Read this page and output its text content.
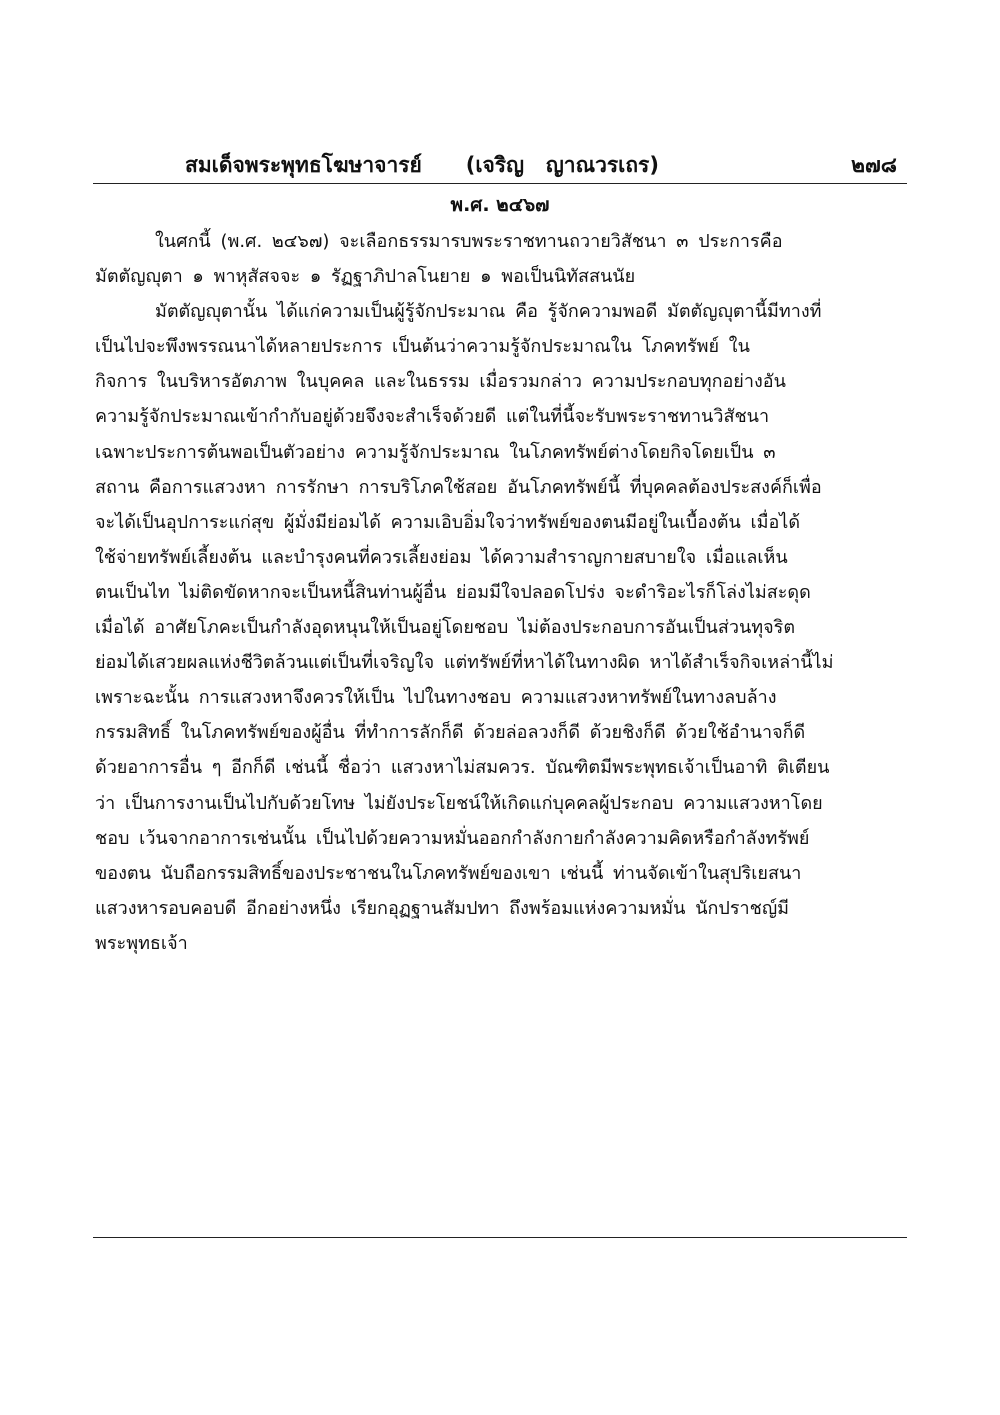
สมเด็จพระพุทธโฆษาจารย์      (เจริญ   ญาณวรเถร)	๒๗๘
พ.ศ. ๒๔๖๗
ในศกนี้ (พ.ศ. ๒๔๖๗) จะเลือกธรรมารบพระราชทานถวายวิสัชนา ๓ ประการคือ
มัตตัญญุตา ๑ พาหุสัสจจะ ๑ รัฏฐาภิปาลโนยาย ๑ พอเป็นนิทัสสนนัย
มัตตัญญุตานั้น ได้แก่ความเป็นผู้รู้จักประมาณ คือ รู้จักความพอดี มัตตัญญุตานี้มีทางที่
เป็นไปจะพึงพรรณนาได้หลายประการ เป็นต้นว่าความรู้จักประมาณใน โภคทรัพย์ ใน
กิจการ ในบริหารอัตภาพ ในบุคคล และในธรรม เมื่อรวมกล่าว ความประกอบทุกอย่างอัน
ความรู้จักประมาณเข้ากำกับอยู่ด้วยจึงจะสำเร็จด้วยดี แต่ในที่นี้จะรับพระราชทานวิสัชนา
เฉพาะประการต้นพอเป็นตัวอย่าง ความรู้จักประมาณ ในโภคทรัพย์ต่างโดยกิจโดยเป็น ๓
สถาน คือการแสวงหา การรักษา การบริโภคใช้สอย อันโภคทรัพย์นี้ ที่บุคคลต้องประสงค์ก็เพื่อ
จะได้เป็นอุปการะแก่สุข ผู้มั่งมีย่อมได้ ความเอิบอิ่มใจว่าทรัพย์ของตนมีอยู่ในเบื้องต้น เมื่อได้
ใช้จ่ายทรัพย์เลี้ยงต้น และบำรุงคนที่ควรเลี้ยงย่อม ได้ความสำราญกายสบายใจ เมื่อแลเห็น
ตนเป็นไท ไม่ติดขัดหากจะเป็นหนี้สินท่านผู้อื่น ย่อมมีใจปลอดโปร่ง จะดำริอะไรก็โล่งไม่สะดุด
เมื่อได้ อาศัยโภคะเป็นกำลังอุดหนุนให้เป็นอยู่โดยชอบ ไม่ต้องประกอบการอันเป็นส่วนทุจริต
ย่อมได้เสวยผลแห่งชีวิตล้วนแต่เป็นที่เจริญใจ แต่ทรัพย์ที่หาได้ในทางผิด หาได้สำเร็จกิจเหล่านี้ไม่
เพราะฉะนั้น การแสวงหาจึงควรให้เป็น ไปในทางชอบ ความแสวงหาทรัพย์ในทางลบล้าง
กรรมสิทธิ์ ในโภคทรัพย์ของผู้อื่น ที่ทำการลักก็ดี ด้วยล่อลวงก็ดี ด้วยชิงก็ดี ด้วยใช้อำนาจก็ดี
ด้วยอาการอื่น ๆ อีกก็ดี เช่นนี้ ชื่อว่า แสวงหาไม่สมควร. บัณฑิตมีพระพุทธเจ้าเป็นอาทิ ติเตียน
ว่า เป็นการงานเป็นไปกับด้วยโทษ ไม่ยังประโยชน์ให้เกิดแก่บุคคลผู้ประกอบ ความแสวงหาโดย
ชอบ เว้นจากอาการเช่นนั้น เป็นไปด้วยความหมั่นออกกำลังกายกำลังความคิดหรือกำลังทรัพย์
ของตน นับถือกรรมสิทธิ์ของประชาชนในโภคทรัพย์ของเขา เช่นนี้ ท่านจัดเข้าในสุปริเยสนา
แสวงหารอบคอบดี อีกอย่างหนึ่ง เรียกอุฏฐานสัมปทา ถึงพร้อมแห่งความหมั่น นักปราชญ์มี
พระพุทธเจ้า
